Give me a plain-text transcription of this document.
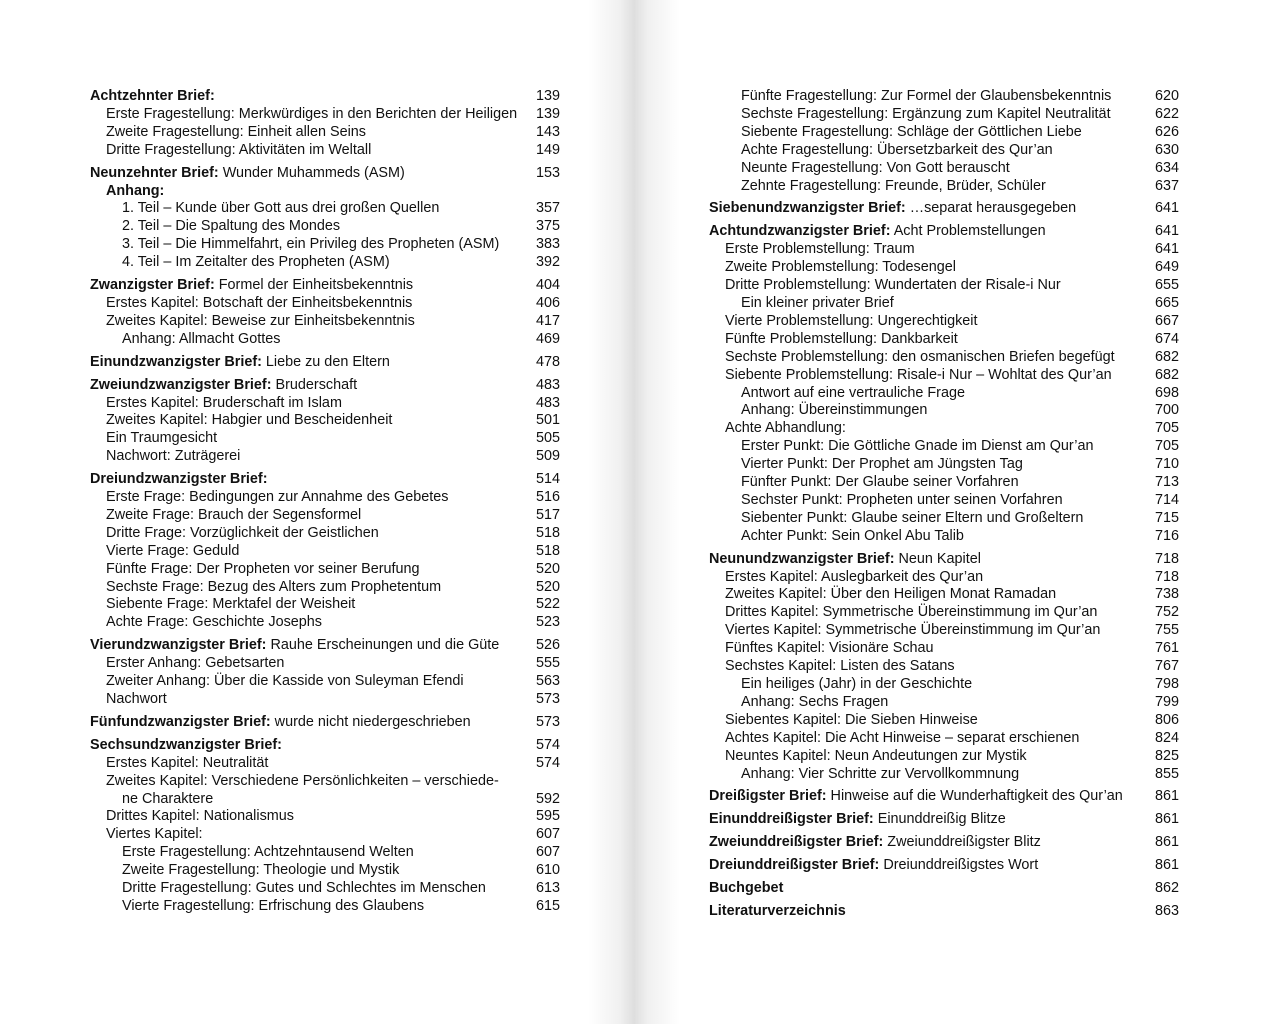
Achtzehnter Brief:	139
Erste Fragestellung: Merkwürdiges in den Berichten der Heiligen 139
Zweite Fragestellung: Einheit allen Seins	143
Dritte Fragestellung: Aktivitäten im Weltall	149
Neunzehnter Brief: Wunder Muhammeds (ASM)	153
Anhang:
1. Teil – Kunde über Gott aus drei großen Quellen	357
2. Teil – Die Spaltung des Mondes	375
3. Teil – Die Himmelfahrt, ein Privileg des Propheten (ASM)	383
4. Teil – Im Zeitalter des Propheten (ASM)	392
Zwanzigster Brief: Formel der Einheitsbekenntnis	404
Erstes Kapitel: Botschaft der Einheitsbekenntnis	406
Zweites Kapitel: Beweise zur Einheitsbekenntnis	417
Anhang: Allmacht Gottes	469
Einundzwanzigster Brief: Liebe zu den Eltern	478
Zweiundzwanzigster Brief: Bruderschaft	483
Erstes Kapitel: Bruderschaft im Islam	483
Zweites Kapitel: Habgier und Bescheidenheit	501
Ein Traumgesicht	505
Nachwort: Zuträgerei	509
Dreiundzwanzigster Brief:	514
Erste Frage: Bedingungen zur Annahme des Gebetes	516
Zweite Frage: Brauch der Segensformel	517
Dritte Frage: Vorzüglichkeit der Geistlichen	518
Vierte Frage: Geduld	518
Fünfte Frage: Der Propheten vor seiner Berufung	520
Sechste Frage: Bezug des Alters zum Prophetentum	520
Siebente Frage: Merktafel der Weisheit	522
Achte Frage: Geschichte Josephs	523
Vierundzwanzigster Brief: Rauhe Erscheinungen und die Güte	526
Erster Anhang: Gebetsarten	555
Zweiter Anhang: Über die Kasside von Suleyman Efendi	563
Nachwort	573
Fünfundzwanzigster Brief: wurde nicht niedergeschrieben	573
Sechsundzwanzigster Brief:	574
Erstes Kapitel: Neutralität	574
Zweites Kapitel: Verschiedene Persönlichkeiten – verschiede-
ne Charaktere	592
Drittes Kapitel: Nationalismus	595
Viertes Kapitel:	607
Erste Fragestellung: Achtzehntausend Welten	607
Zweite Fragestellung: Theologie und Mystik	610
Dritte Fragestellung: Gutes und Schlechtes im Menschen	613
Vierte Fragestellung: Erfrischung des Glaubens	615
Fünfte Fragestellung: Zur Formel der Glaubensbekenntnis	620
Sechste Fragestellung: Ergänzung zum Kapitel Neutralität	622
Siebente Fragestellung: Schläge der Göttlichen Liebe	626
Achte Fragestellung: Übersetzbarkeit des Qur’an	630
Neunte Fragestellung: Von Gott berauscht	634
Zehnte Fragestellung: Freunde, Brüder, Schüler	637
Siebenundzwanzigster Brief: …separat herausgegeben	641
Achtundzwanzigster Brief: Acht Problemstellungen	641
Erste Problemstellung: Traum	641
Zweite Problemstellung: Todesengel	649
Dritte Problemstellung: Wundertaten der Risale-i Nur	655
Ein kleiner privater Brief	665
Vierte Problemstellung: Ungerechtigkeit	667
Fünfte Problemstellung: Dankbarkeit	674
Sechste Problemstellung: den osmanischen Briefen begefügt	682
Siebente Problemstellung: Risale-i Nur – Wohltat des Qur’an	682
Antwort auf eine vertrauliche Frage	698
Anhang: Übereinstimmungen	700
Achte Abhandlung:	705
Erster Punkt: Die Göttliche Gnade im Dienst am Qur’an	705
Vierter Punkt: Der Prophet am Jüngsten Tag	710
Fünfter Punkt: Der Glaube seiner Vorfahren	713
Sechster Punkt: Propheten unter seinen Vorfahren	714
Siebenter Punkt: Glaube seiner Eltern und Großeltern	715
Achter Punkt: Sein Onkel Abu Talib	716
Neunundzwanzigster Brief: Neun Kapitel	718
Erstes Kapitel: Auslegbarkeit des Qur’an	718
Zweites Kapitel: Über den Heiligen Monat Ramadan	738
Drittes Kapitel: Symmetrische Übereinstimmung im Qur’an	752
Viertes Kapitel: Symmetrische Übereinstimmung im Qur’an	755
Fünftes Kapitel: Visionäre Schau	761
Sechstes Kapitel: Listen des Satans	767
Ein heiliges (Jahr) in der Geschichte	798
Anhang: Sechs Fragen	799
Siebentes Kapitel: Die Sieben Hinweise	806
Achtes Kapitel: Die Acht Hinweise – separat erschienen	824
Neuntes Kapitel: Neun Andeutungen zur Mystik	825
Anhang: Vier Schritte zur Vervollkommnung	855
Dreißigster Brief: Hinweise auf die Wunderhaftigkeit des Qur’an 861
Einunddreißigster Brief: Einunddreißig Blitze	861
Zweiunddreißigster Brief: Zweiunddreißigster Blitz	861
Dreiunddreißigster Brief: Dreiunddreißigstes Wort	861
Buchgebet	862
Literaturverzeichnis	863
